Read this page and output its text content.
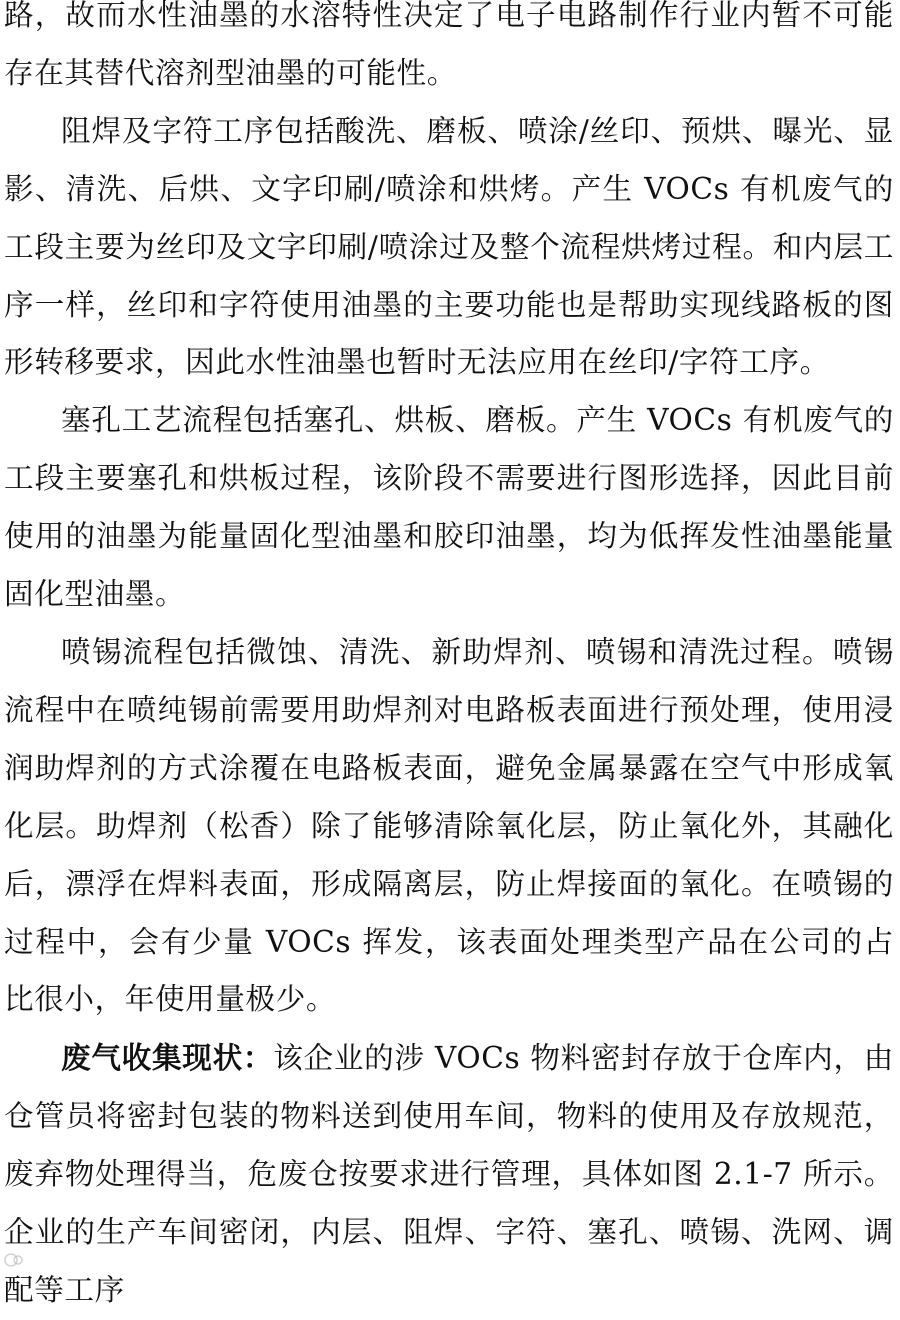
路，故而水性油墨的水溶特性决定了电子电路制作行业内暂不可能存在其替代溶剂型油墨的可能性。

阻焊及字符工序包括酸洗、磨板、喷涂/丝印、预烘、曝光、显影、清洗、后烘、文字印刷/喷涂和烘烤。产生 VOCs 有机废气的工段主要为丝印及文字印刷/喷涂过及整个流程烘烤过程。和内层工序一样，丝印和字符使用油墨的主要功能也是帮助实现线路板的图形转移要求，因此水性油墨也暂时无法应用在丝印/字符工序。

塞孔工艺流程包括塞孔、烘板、磨板。产生 VOCs 有机废气的工段主要塞孔和烘板过程，该阶段不需要进行图形选择，因此目前使用的油墨为能量固化型油墨和胶印油墨，均为低挥发性油墨能量固化型油墨。

喷锡流程包括微蚀、清洗、新助焊剂、喷锡和清洗过程。喷锡流程中在喷纯锡前需要用助焊剂对电路板表面进行预处理，使用浸润助焊剂的方式涂覆在电路板表面，避免金属暴露在空气中形成氧化层。助焊剂（松香）除了能够清除氧化层，防止氧化外，其融化后，漂浮在焊料表面，形成隔离层，防止焊接面的氧化。在喷锡的过程中，会有少量 VOCs 挥发，该表面处理类型产品在公司的占比很小，年使用量极少。

废气收集现状：该企业的涉 VOCs 物料密封存放于仓库内，由仓管员将密封包装的物料送到使用车间，物料的使用及存放规范，废弃物处理得当，危废仓按要求进行管理，具体如图 2.1-7 所示。企业的生产车间密闭，内层、阻焊、字符、塞孔、喷锡、洗网、调配等工序
